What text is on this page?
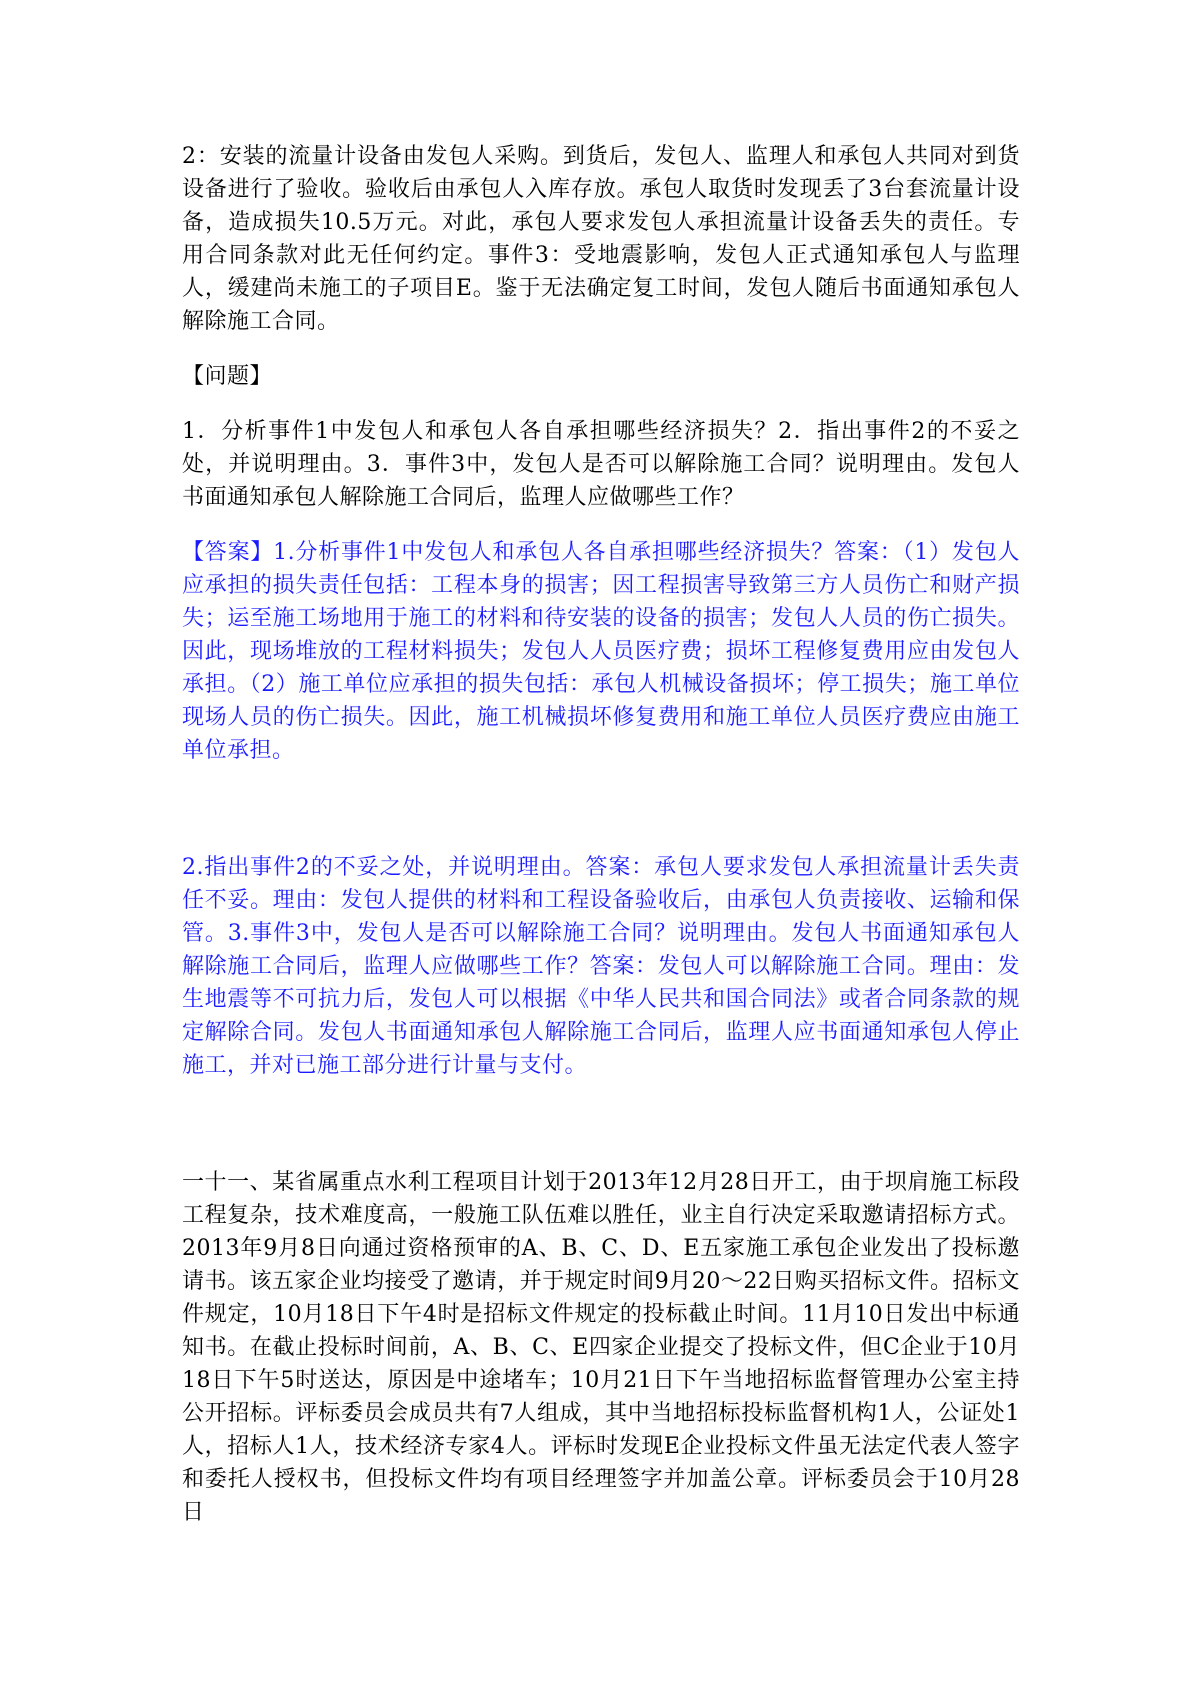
2：安装的流量计设备由发包人采购。到货后，发包人、监理人和承包人共同对到货设备进行了验收。验收后由承包人入库存放。承包人取货时发现丢了3台套流量计设备，造成损失10.5万元。对此，承包人要求发包人承担流量计设备丢失的责任。专用合同条款对此无任何约定。事件3：受地震影响，发包人正式通知承包人与监理人，缓建尚未施工的子项目E。鉴于无法确定复工时间，发包人随后书面通知承包人解除施工合同。

【问题】

1．分析事件1中发包人和承包人各自承担哪些经济损失？2．指出事件2的不妥之处，并说明理由。3．事件3中，发包人是否可以解除施工合同？说明理由。发包人书面通知承包人解除施工合同后，监理人应做哪些工作？

【答案】1.分析事件1中发包人和承包人各自承担哪些经济损失？答案：（1）发包人应承担的损失责任包括：工程本身的损害；因工程损害导致第三方人员伤亡和财产损失；运至施工场地用于施工的材料和待安装的设备的损害；发包人人员的伤亡损失。因此，现场堆放的工程材料损失；发包人人员医疗费；损坏工程修复费用应由发包人承担。（2）施工单位应承担的损失包括：承包人机械设备损坏；停工损失；施工单位现场人员的伤亡损失。因此，施工机械损坏修复费用和施工单位人员医疗费应由施工单位承担。

2.指出事件2的不妥之处，并说明理由。答案：承包人要求发包人承担流量计丢失责任不妥。理由：发包人提供的材料和工程设备验收后，由承包人负责接收、运输和保管。3.事件3中，发包人是否可以解除施工合同？说明理由。发包人书面通知承包人解除施工合同后，监理人应做哪些工作？答案：发包人可以解除施工合同。理由：发生地震等不可抗力后，发包人可以根据《中华人民共和国合同法》或者合同条款的规定解除合同。发包人书面通知承包人解除施工合同后，监理人应书面通知承包人停止施工，并对已施工部分进行计量与支付。

一十一、某省属重点水利工程项目计划于2013年12月28日开工，由于坝肩施工标段工程复杂，技术难度高，一般施工队伍难以胜任，业主自行决定采取邀请招标方式。2013年9月8日向通过资格预审的A、B、C、D、E五家施工承包企业发出了投标邀请书。该五家企业均接受了邀请，并于规定时间9月20～22日购买招标文件。招标文件规定，10月18日下午4时是招标文件规定的投标截止时间。11月10日发出中标通知书。在截止投标时间前，A、B、C、E四家企业提交了投标文件，但C企业于10月18日下午5时送达，原因是中途堵车；10月21日下午当地招标监督管理办公室主持公开招标。评标委员会成员共有7人组成，其中当地招标投标监督机构1人，公证处1人，招标人1人，技术经济专家4人。评标时发现E企业投标文件虽无法定代表人签字和委托人授权书，但投标文件均有项目经理签字并加盖公章。评标委员会于10月28日
